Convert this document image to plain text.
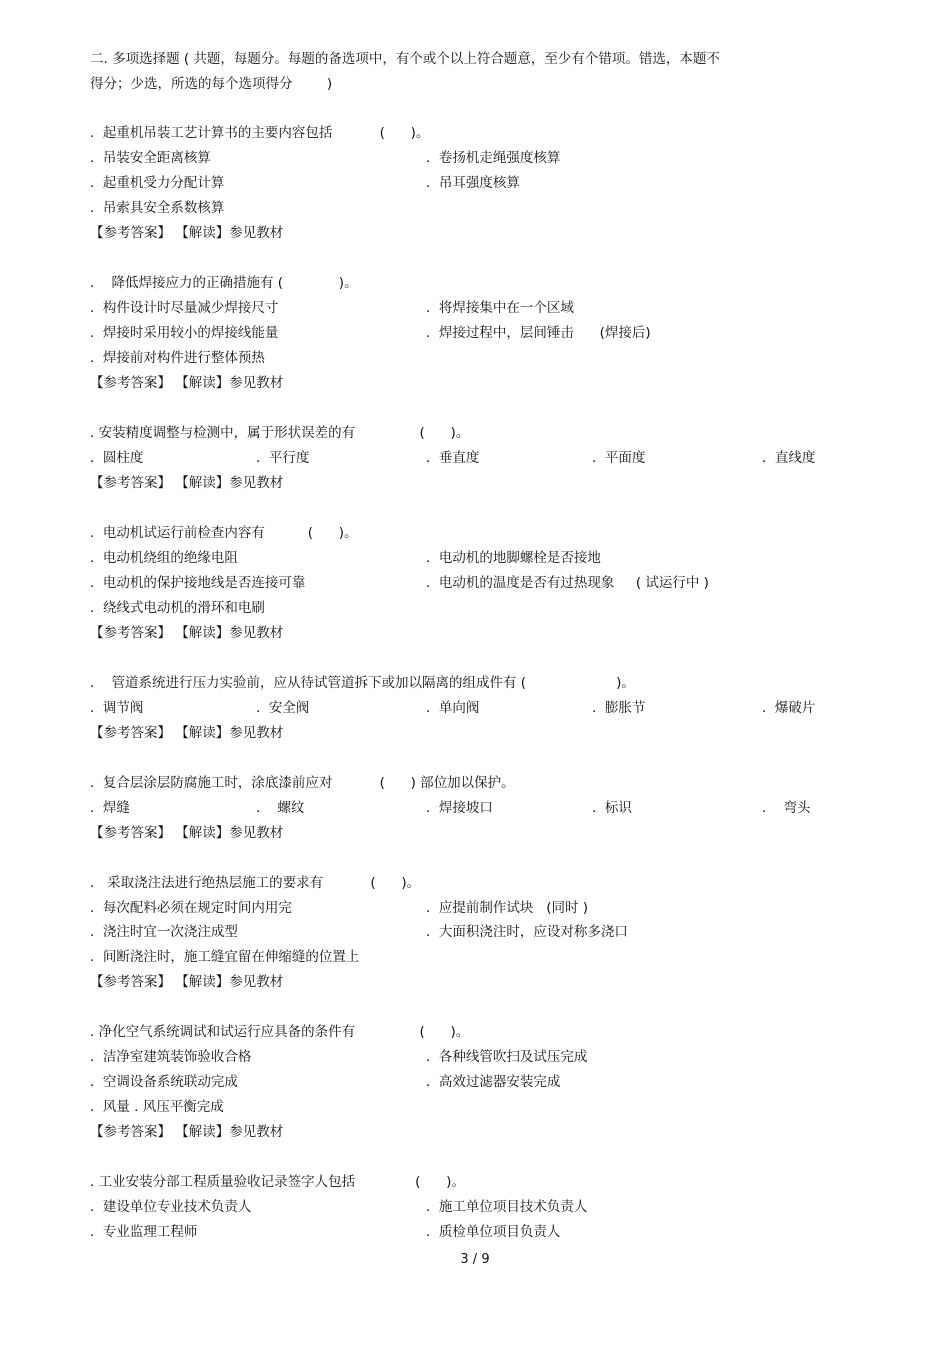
二. 多项选择题 ( 共题，每题分。每题的备选项中，有个或个以上符合题意，至少有个错项。错选，本题不
得分；少选，所选的每个选项得分        )
.  起重机吊装工艺计算书的主要内容包括           (      )。
.  吊装安全距离核算	.  卷扬机走绳强度核算
.  起重机受力分配计算	.  吊耳强度核算
.  吊索具安全系数核算
【参考答案】 【解读】参见教材
.    降低焊接应力的正确措施有 (             )。
.  构件设计时尽量减少焊接尺寸	.  将焊接集中在一个区域
.  焊接时采用较小的焊接线能量	.  焊接过程中，层间锤击      (焊接后)
.  焊接前对构件进行整体预热
【参考答案】 【解读】参见教材
. 安装精度调整与检测中，属于形状误差的有               (      )。
.  圆柱度	.  平行度	.  垂直度	.  平面度	.  直线度
【参考答案】 【解读】参见教材
.  电动机试运行前检查内容有          (      )。
.  电动机绕组的绝缘电阻	.  电动机的地脚螺栓是否接地
.  电动机的保护接地线是否连接可靠	.  电动机的温度是否有过热现象     ( 试运行中 )
.  绕线式电动机的滑环和电刷
【参考答案】 【解读】参见教材
.    管道系统进行压力实验前，应从待试管道拆下或加以隔离的组成件有 (                     )。
.  调节阀	.  安全阀	.  单向阀	.  膨胀节	.  爆破片
【参考答案】 【解读】参见教材
.  复合层涂层防腐施工时，涂底漆前应对           (      ) 部位加以保护。
.  焊缝	.    螺纹	.  焊接坡口	.  标识	.    弯头
【参考答案】 【解读】参见教材
.   采取浇注法进行绝热层施工的要求有           (      )。
.  每次配料必须在规定时间内用完	.  应提前制作试块   (同时 )
.  浇注时宜一次浇注成型	.  大面积浇注时，应设对称多浇口
.  间断浇注时，施工缝宜留在伸缩缝的位置上
【参考答案】 【解读】参见教材
. 净化空气系统调试和试运行应具备的条件有               (      )。
.  洁净室建筑装饰验收合格	.  各种线管吹扫及试压完成
.  空调设备系统联动完成	.  高效过滤器安装完成
.  风量 . 风压平衡完成
【参考答案】 【解读】参见教材
. 工业安装分部工程质量验收记录签字人包括              (      )。
.  建设单位专业技术负责人	.  施工单位项目技术负责人
.  专业监理工程师	.  质检单位项目负责人
3 / 9
